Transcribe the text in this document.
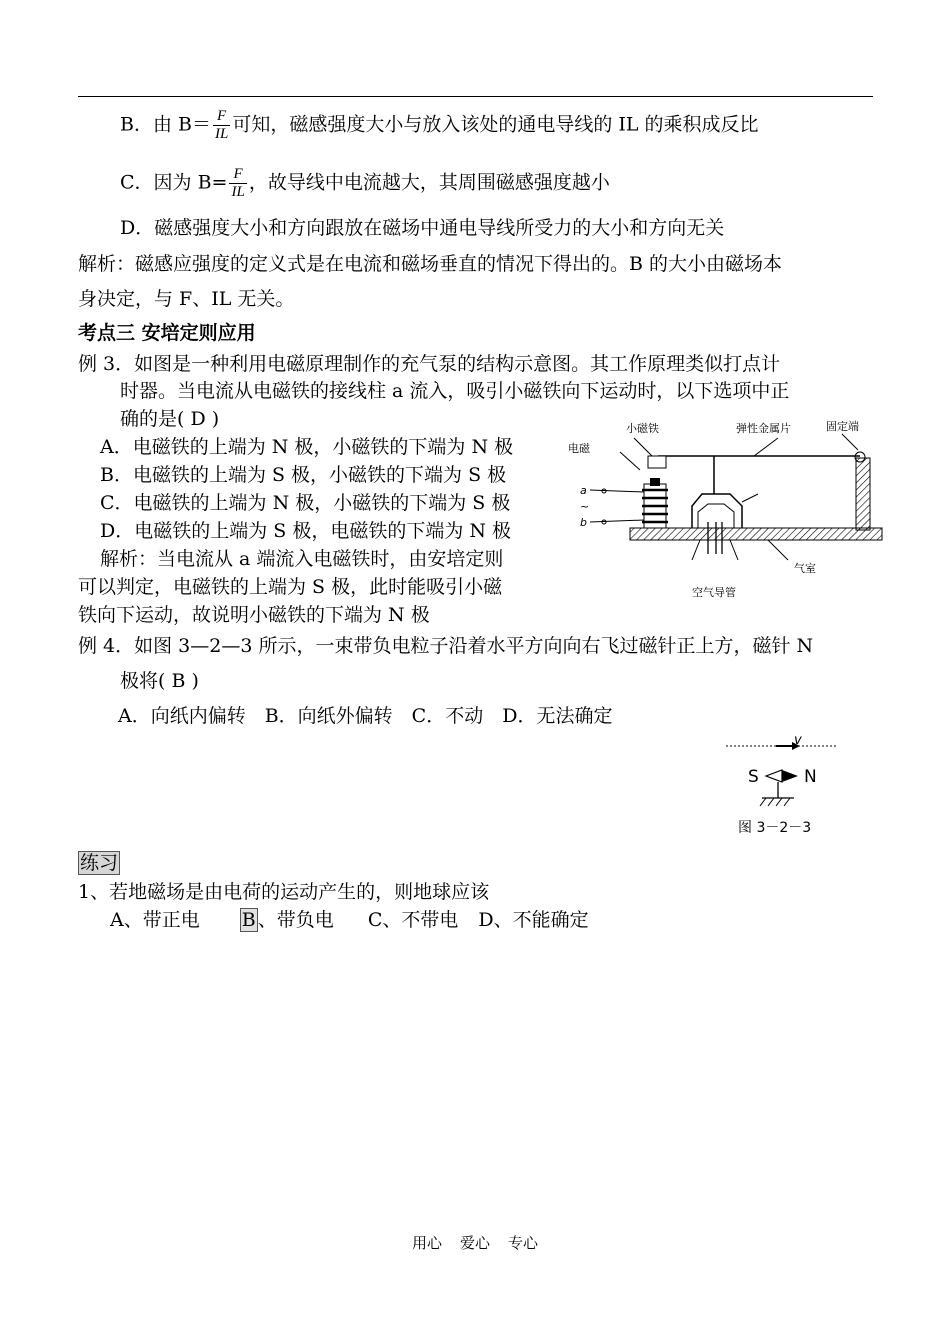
B．由 $B= \frac{F}{IL}$ 可知，磁感强度大小与放入该处的通电导线的 IL 的乘积成反比
C．因为 $B= \frac{F}{IL}$ ，故导线中电流越大，其周围磁感强度越小
D．磁感强度大小和方向跟放在磁场中通电导线所受力的大小和方向无关
解析：磁感应强度的定义式是在电流和磁场垂直的情况下得出的。B 的大小由磁场本
身决定，与 F、IL 无关。
考点三 安培定则应用
例 3．如图是一种利用电磁原理制作的充气泵的结构示意图。其工作原理类似打点计
时器。当电流从电磁铁的接线柱 a 流入，吸引小磁铁向下运动时，以下选项中正
确的是( D )
A．电磁铁的上端为 N 极，小磁铁的下端为 N 极
B．电磁铁的上端为 S 极，小磁铁的下端为 S 极
C．电磁铁的上端为 N 极，小磁铁的下端为 S 极
D．电磁铁的上端为 S 极，电磁铁的下端为 N 极
解析：当电流从 a 端流入电磁铁时，由安培定则
可以判定，电磁铁的上端为 S 极，此时能吸引小磁
铁向下运动，故说明小磁铁的下端为 N 极
电磁
小磁铁	弹性金属片	固定端
a
~
b
气室
空气导管
例 4．如图 3—2—3 所示，一束带负电粒子沿着水平方向向右飞过磁针正上方，磁针 N
极将( B )
A．向纸内偏转　B．向纸外偏转　C．不动　D．无法确定
v
S	N
图 3－2－3
练习
1、若地磁场是由电荷的运动产生的，则地球应该
A、带正电 B 、带负电 C、不带电 D、不能确定
用心 爱心 专心
